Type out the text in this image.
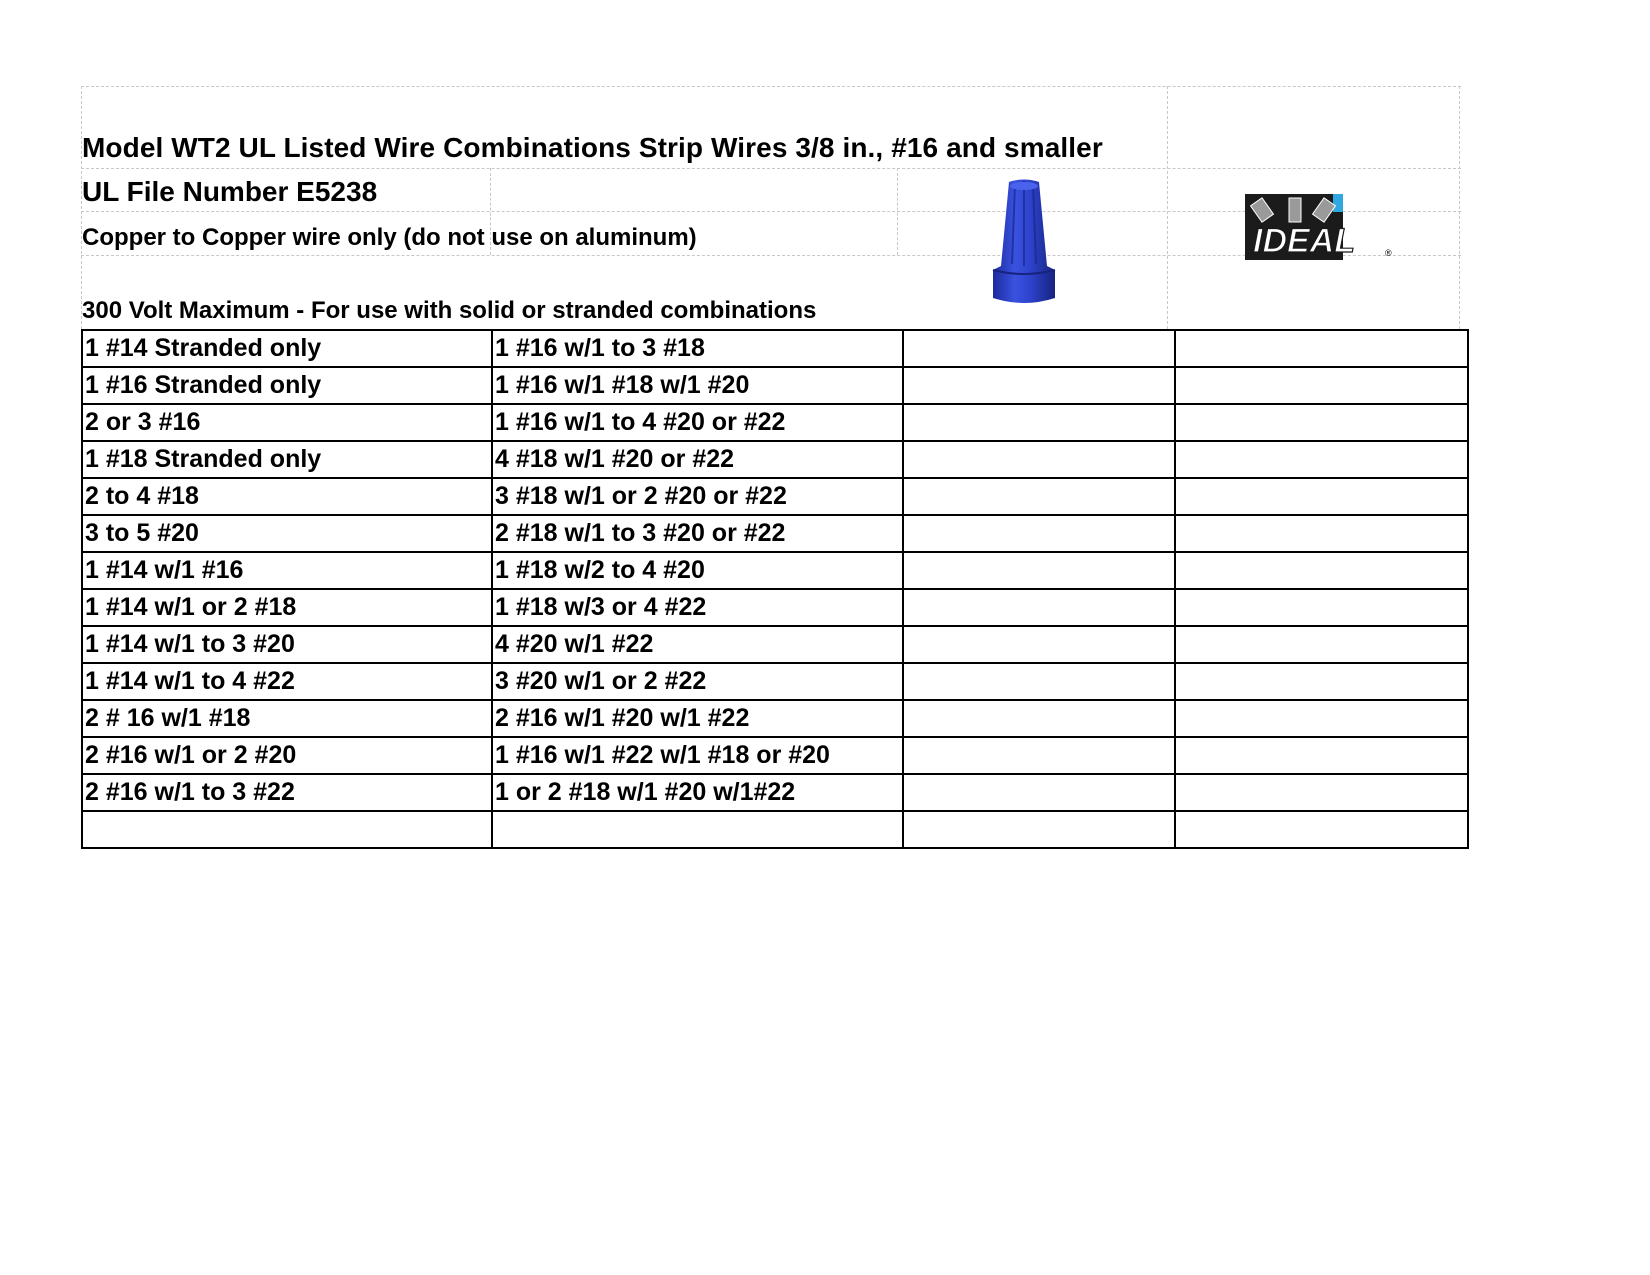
Model WT2 UL Listed Wire Combinations Strip Wires 3/8 in., #16 and smaller
UL File Number E5238
Copper to Copper wire only (do not use on aluminum)
300 Volt Maximum - For use with solid or stranded combinations
IDEAL	®
1 #14 Stranded only	1 #16 w/1 to 3 #18		
1 #16 Stranded only	1 #16 w/1 #18 w/1 #20		
2 or 3 #16	1 #16 w/1 to 4 #20 or #22		
1 #18 Stranded only	4 #18 w/1 #20 or #22		
2 to 4 #18	3 #18 w/1 or 2 #20 or #22		
3 to 5 #20	2 #18 w/1 to 3 #20 or #22		
1 #14 w/1 #16	1 #18 w/2 to 4 #20		
1 #14 w/1 or 2 #18	1 #18 w/3 or 4 #22		
1 #14 w/1 to 3 #20	4 #20 w/1 #22		
1 #14 w/1 to 4 #22	3 #20 w/1 or 2 #22		
2 # 16 w/1 #18	2 #16 w/1 #20 w/1 #22		
2 #16 w/1 or 2 #20	1 #16 w/1 #22 w/1 #18 or #20		
2 #16 w/1 to 3 #22	1 or 2 #18 w/1 #20 w/1#22		
